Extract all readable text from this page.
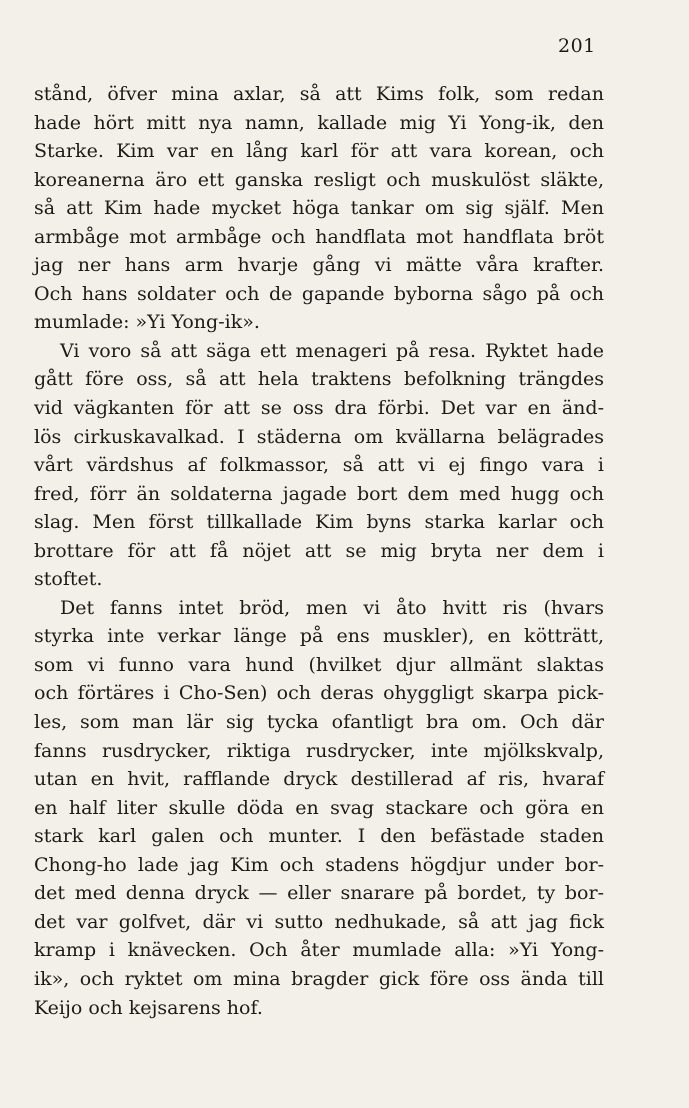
201
stånd, öfver mina axlar, så att Kims folk, som redan
hade hört mitt nya namn, kallade mig Yi Yong-ik, den
Starke. Kim var en lång karl för att vara korean, och
koreanerna äro ett ganska resligt och muskulöst släkte,
så att Kim hade mycket höga tankar om sig själf. Men
armbåge mot armbåge och handflata mot handflata bröt
jag ner hans arm hvarje gång vi mätte våra krafter.
Och hans soldater och de gapande byborna sågo på och
mumlade: »Yi Yong-ik».
Vi voro så att säga ett menageri på resa. Ryktet hade
gått före oss, så att hela traktens befolkning trängdes
vid vägkanten för att se oss dra förbi. Det var en änd-
lös cirkuskavalkad. I städerna om kvällarna belägrades
vårt värdshus af folkmassor, så att vi ej fingo vara i
fred, förr än soldaterna jagade bort dem med hugg och
slag. Men först tillkallade Kim byns starka karlar och
brottare för att få nöjet att se mig bryta ner dem i
stoftet.
Det fanns intet bröd, men vi åto hvitt ris (hvars
styrka inte verkar länge på ens muskler), en kötträtt,
som vi funno vara hund (hvilket djur allmänt slaktas
och förtäres i Cho-Sen) och deras ohyggligt skarpa pick-
les, som man lär sig tycka ofantligt bra om. Och där
fanns rusdrycker, riktiga rusdrycker, inte mjölkskvalp,
utan en hvit, rafflande dryck destillerad af ris, hvaraf
en half liter skulle döda en svag stackare och göra en
stark karl galen och munter. I den befästade staden
Chong-ho lade jag Kim och stadens högdjur under bor-
det med denna dryck — eller snarare på bordet, ty bor-
det var golfvet, där vi sutto nedhukade, så att jag fick
kramp i knävecken. Och åter mumlade alla: »Yi Yong-
ik», och ryktet om mina bragder gick före oss ända till
Keijo och kejsarens hof.
